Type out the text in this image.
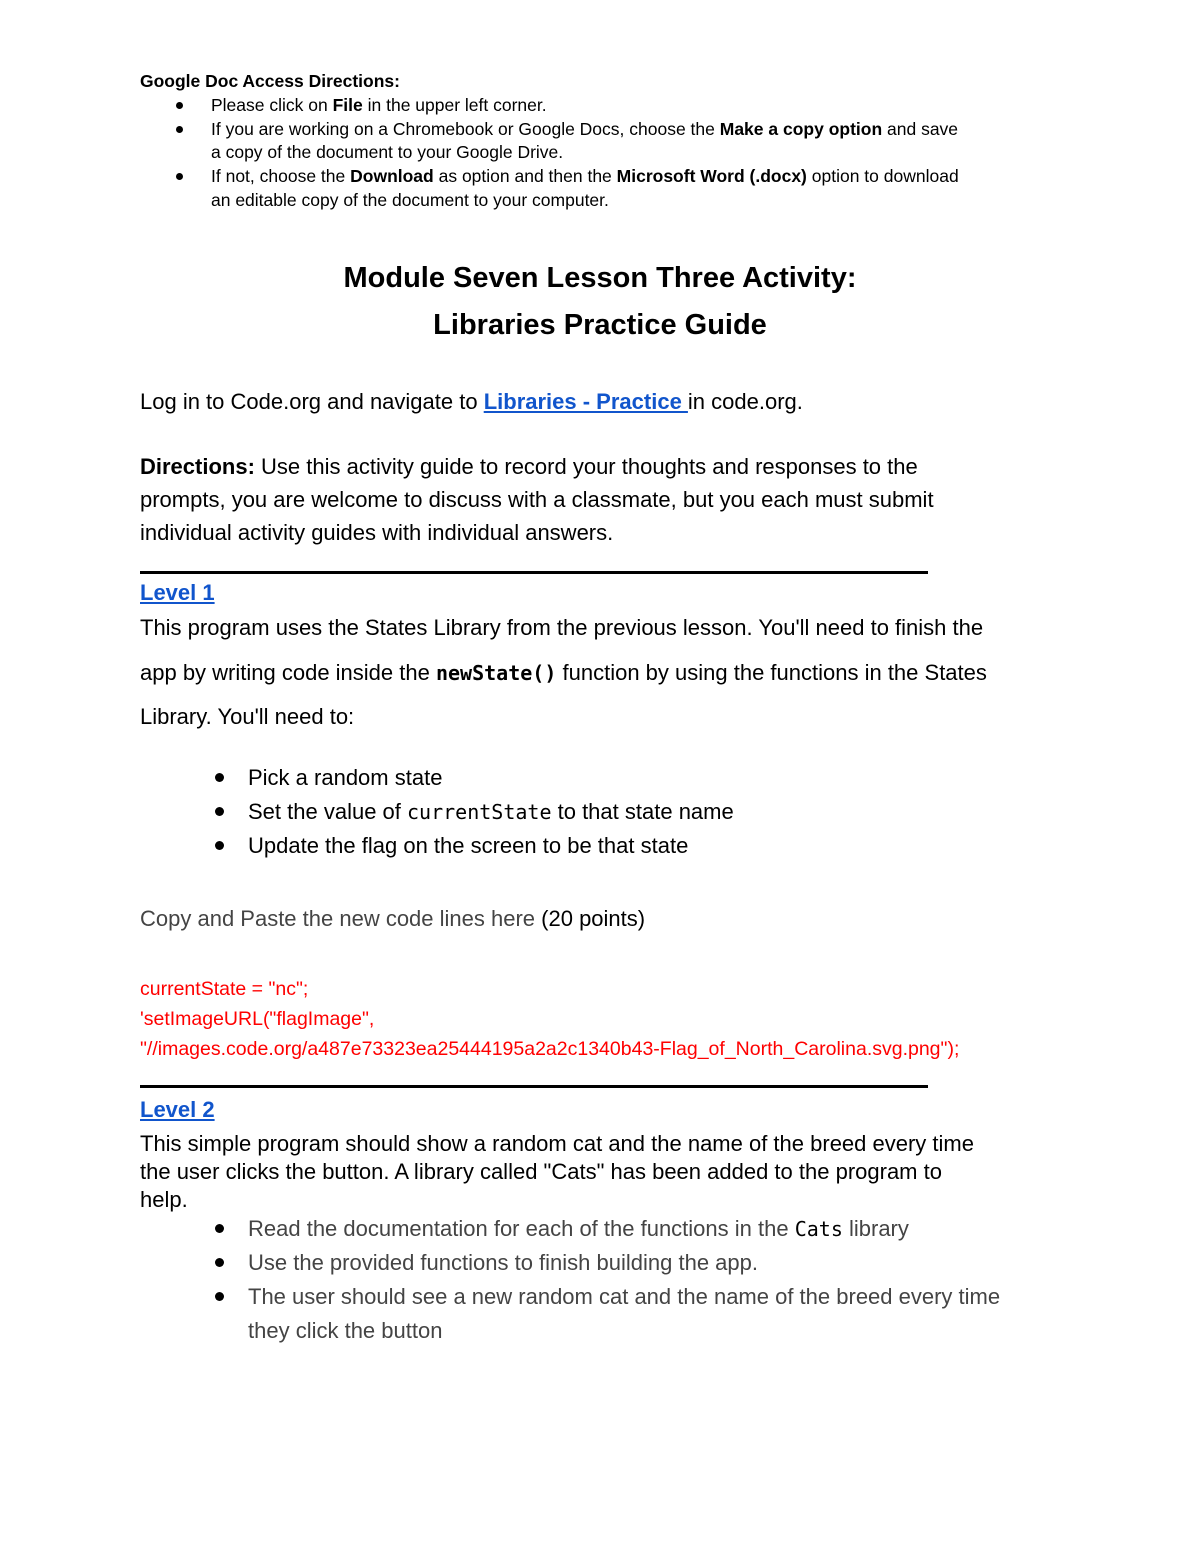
Google Doc Access Directions:
Please click on File in the upper left corner.
If you are working on a Chromebook or Google Docs, choose the Make a copy option and save
a copy of the document to your Google Drive.
If not, choose the Download as option and then the Microsoft Word (.docx) option to download
an editable copy of the document to your computer.
Module Seven Lesson Three Activity:
Libraries Practice Guide
Log in to Code.org and navigate to Libraries - Practice in code.org.
Directions: Use this activity guide to record your thoughts and responses to the
prompts, you are welcome to discuss with a classmate, but you each must submit
individual activity guides with individual answers.
Level 1
This program uses the States Library from the previous lesson. You'll need to finish the
app by writing code inside the newState() function by using the functions in the States
Library. You'll need to:
Pick a random state
Set the value of currentState to that state name
Update the flag on the screen to be that state
Copy and Paste the new code lines here (20 points)
currentState = "nc";
'setImageURL("flagImage",
"//images.code.org/a487e73323ea25444195a2a2c1340b43-Flag_of_North_Carolina.svg.png");
Level 2
This simple program should show a random cat and the name of the breed every time
the user clicks the button. A library called "Cats" has been added to the program to
help.
Read the documentation for each of the functions in the Cats library
Use the provided functions to finish building the app.
The user should see a new random cat and the name of the breed every time
they click the button
